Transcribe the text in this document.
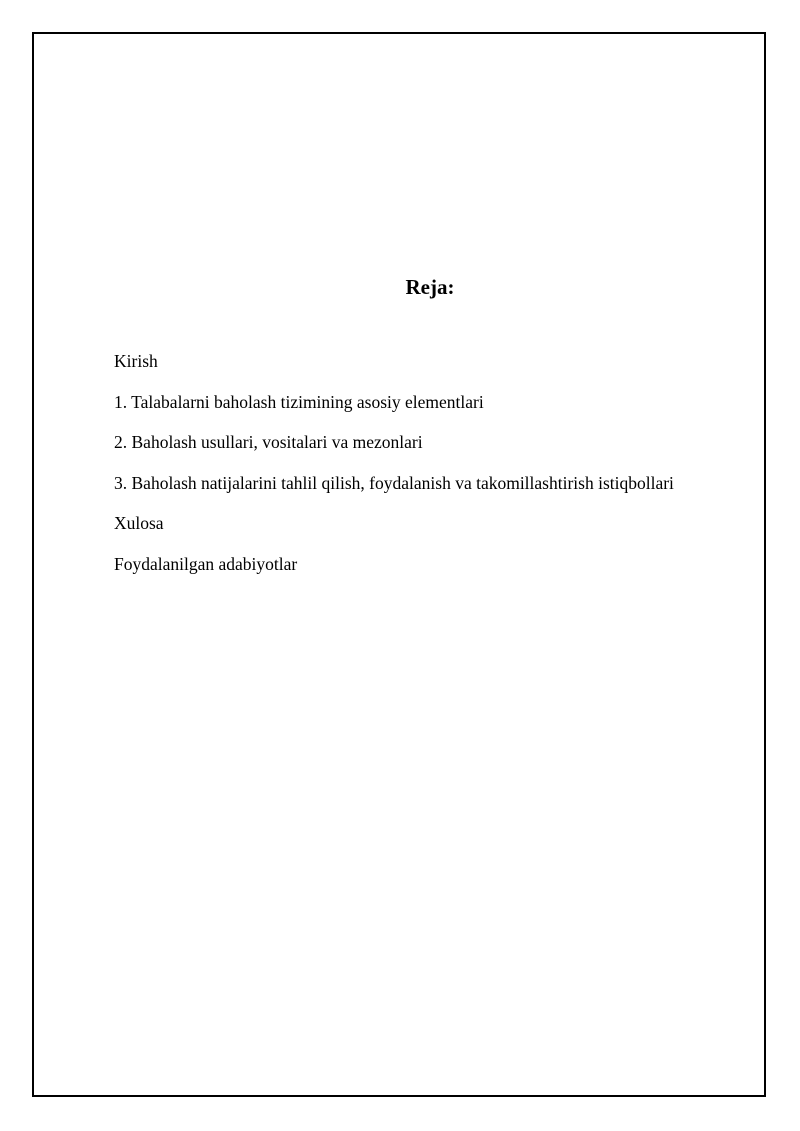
Reja:
Kirish
1. Talabalarni baholash tizimining asosiy elementlari
2. Baholash usullari, vositalari va mezonlari
3. Baholash natijalarini tahlil qilish, foydalanish va takomillashtirish istiqbollari
Xulosa
Foydalanilgan adabiyotlar
